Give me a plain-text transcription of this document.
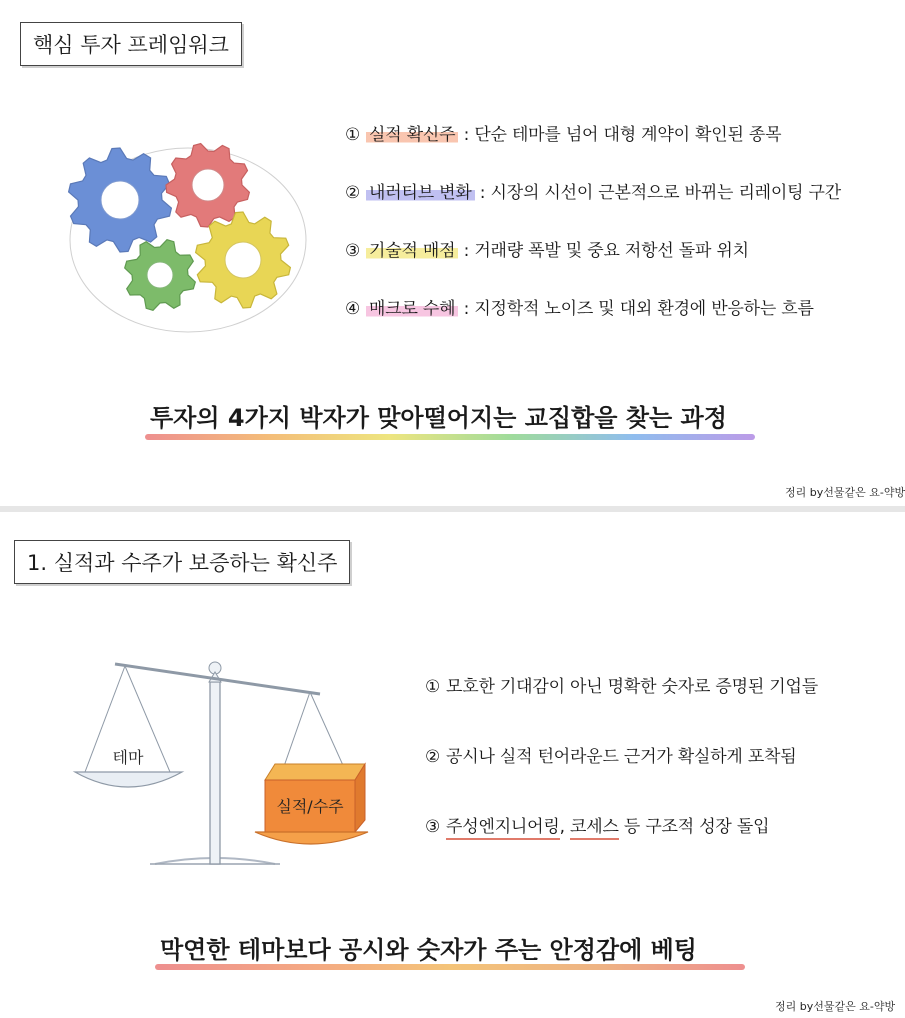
핵심 투자 프레임워크
① 실적 확신주 : 단순 테마를 넘어 대형 계약이 확인된 종목
② 내러티브 변화 : 시장의 시선이 근본적으로 바뀌는 리레이팅 구간
③ 기술적 매점 : 거래량 폭발 및 중요 저항선 돌파 위치
④ 매크로 수혜 : 지정학적 노이즈 및 대외 환경에 반응하는 흐름
투자의 4가지 박자가 맞아떨어지는 교집합을 찾는 과정
정리 by선물같은 요-약방
1. 실적과 수주가 보증하는 확신주
테마
실적/수주
① 모호한 기대감이 아닌 명확한 숫자로 증명된 기업들
② 공시나 실적 턴어라운드 근거가 확실하게 포착됨
③ 주성엔지니어링, 코세스 등 구조적 성장 돌입
막연한 테마보다 공시와 숫자가 주는 안정감에 베팅
정리 by선물같은 요-약방
